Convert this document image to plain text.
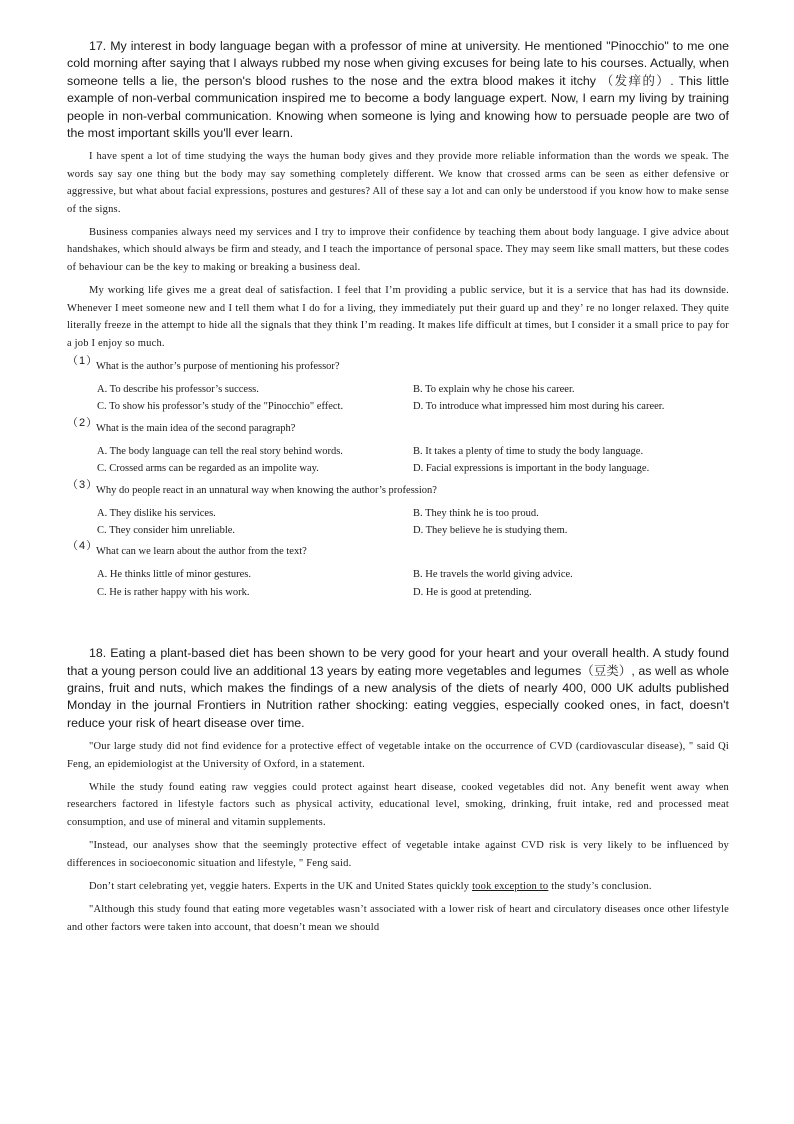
17. My interest in body language began with a professor of mine at university. He mentioned "Pinocchio" to me one cold morning after saying that I always rubbed my nose when giving excuses for being late to his courses. Actually, when someone tells a lie, the person's blood rushes to the nose and the extra blood makes it itchy （发痒的）. This little example of non-verbal communication inspired me to become a body language expert. Now, I earn my living by training people in non-verbal communication. Knowing when someone is lying and knowing how to persuade people are two of the most important skills you'll ever learn.

I have spent a lot of time studying the ways the human body gives and they provide more reliable information than the words we speak. The words say say one thing but the body may say something completely different. We know that crossed arms can be seen as either defensive or aggressive, but what about facial expressions, postures and gestures? All of these say a lot and can only be understood if you know how to make sense of the signs.

Business companies always need my services and I try to improve their confidence by teaching them about body language. I give advice about handshakes, which should always be firm and steady, and I teach the importance of personal space. They may seem like small matters, but these codes of behaviour can be the key to making or breaking a business deal.

My working life gives me a great deal of satisfaction. I feel that I’m providing a public service, but it is a service that has had its downside. Whenever I meet someone new and I tell them what I do for a living, they immediately put their guard up and they’ re no longer relaxed. They quite literally freeze in the attempt to hide all the signals that they think I’m reading. It makes life difficult at times, but I consider it a small price to pay for a job I enjoy so much.

（1）

What is the author’s purpose of mentioning his professor?

A. To describe his professor’s success.	B. To explain why he chose his career.
C. To show his professor’s study of the "Pinocchio" effect.	D. To introduce what impressed him most during his career.
（2）

What is the main idea of the second paragraph?

A. The body language can tell the real story behind words.	B. It takes a plenty of time to study the body language.
C. Crossed arms can be regarded as an impolite way.	D. Facial expressions is important in the body language.
（3）

Why do people react in an unnatural way when knowing the author’s profession?

A. They dislike his services.	B. They think he is too proud.
C. They consider him unreliable.	D. They believe he is studying them.
（4）

What can we learn about the author from the text?

A. He thinks little of minor gestures.	B. He travels the world giving advice.
C. He is rather happy with his work.	D. He is good at pretending.

18. Eating a plant-based diet has been shown to be very good for your heart and your overall health. A study found that a young person could live an additional 13 years by eating more vegetables and legumes（豆类）, as well as whole grains, fruit and nuts, which makes the findings of a new analysis of the diets of nearly 400, 000 UK adults published Monday in the journal Frontiers in Nutrition rather shocking: eating veggies, especially cooked ones, in fact, doesn't reduce your risk of heart disease over time.

"Our large study did not find evidence for a protective effect of vegetable intake on the occurrence of CVD (cardiovascular disease), " said Qi Feng, an epidemiologist at the University of Oxford, in a statement.

While the study found eating raw veggies could protect against heart disease, cooked vegetables did not. Any benefit went away when researchers factored in lifestyle factors such as physical activity, educational level, smoking, drinking, fruit intake, red and processed meat consumption, and use of mineral and vitamin supplements.

"Instead, our analyses show that the seemingly protective effect of vegetable intake against CVD risk is very likely to be influenced by differences in socioeconomic situation and lifestyle, " Feng said.

Don’t start celebrating yet, veggie haters. Experts in the UK and United States quickly took exception to the study’s conclusion.

"Although this study found that eating more vegetables wasn’t associated with a lower risk of heart and circulatory diseases once other lifestyle and other factors were taken into account, that doesn’t mean we should
